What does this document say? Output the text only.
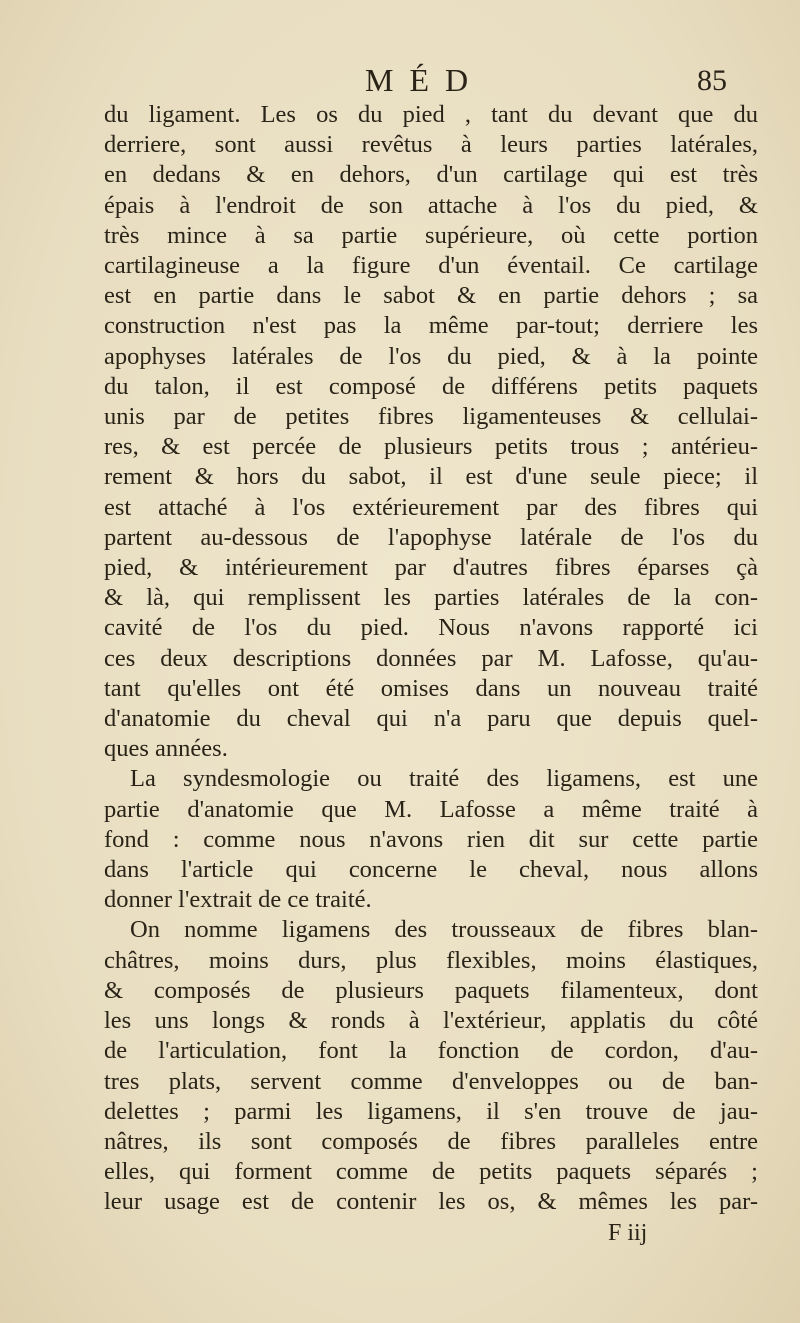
MÉD	85
du ligament. Les os du pied , tant du devant que du
derriere, sont aussi revêtus à leurs parties latérales,
en dedans & en dehors, d'un cartilage qui est très
épais à l'endroit de son attache à l'os du pied, &
très mince à sa partie supérieure, où cette portion
cartilagineuse a la figure d'un éventail. Ce cartilage
est en partie dans le sabot & en partie dehors ; sa
construction n'est pas la même par-tout; derriere les
apophyses latérales de l'os du pied, & à la pointe
du talon, il est composé de différens petits paquets
unis par de petites fibres ligamenteuses & cellulai-
res, & est percée de plusieurs petits trous ; antérieu-
rement & hors du sabot, il est d'une seule piece; il
est attaché à l'os extérieurement par des fibres qui
partent au-dessous de l'apophyse latérale de l'os du
pied, & intérieurement par d'autres fibres éparses çà
& là, qui remplissent les parties latérales de la con-
cavité de l'os du pied. Nous n'avons rapporté ici
ces deux descriptions données par M. Lafosse, qu'au-
tant qu'elles ont été omises dans un nouveau traité
d'anatomie du cheval qui n'a paru que depuis quel-
ques années.
La syndesmologie ou traité des ligamens, est une
partie d'anatomie que M. Lafosse a même traité à
fond : comme nous n'avons rien dit sur cette partie
dans l'article qui concerne le cheval, nous allons
donner l'extrait de ce traité.
On nomme ligamens des trousseaux de fibres blan-
châtres, moins durs, plus flexibles, moins élastiques,
& composés de plusieurs paquets filamenteux, dont
les uns longs & ronds à l'extérieur, applatis du côté
de l'articulation, font la fonction de cordon, d'au-
tres plats, servent comme d'enveloppes ou de ban-
delettes ; parmi les ligamens, il s'en trouve de jau-
nâtres, ils sont composés de fibres paralleles entre
elles, qui forment comme de petits paquets séparés ;
leur usage est de contenir les os, & mêmes les par-
F iij
